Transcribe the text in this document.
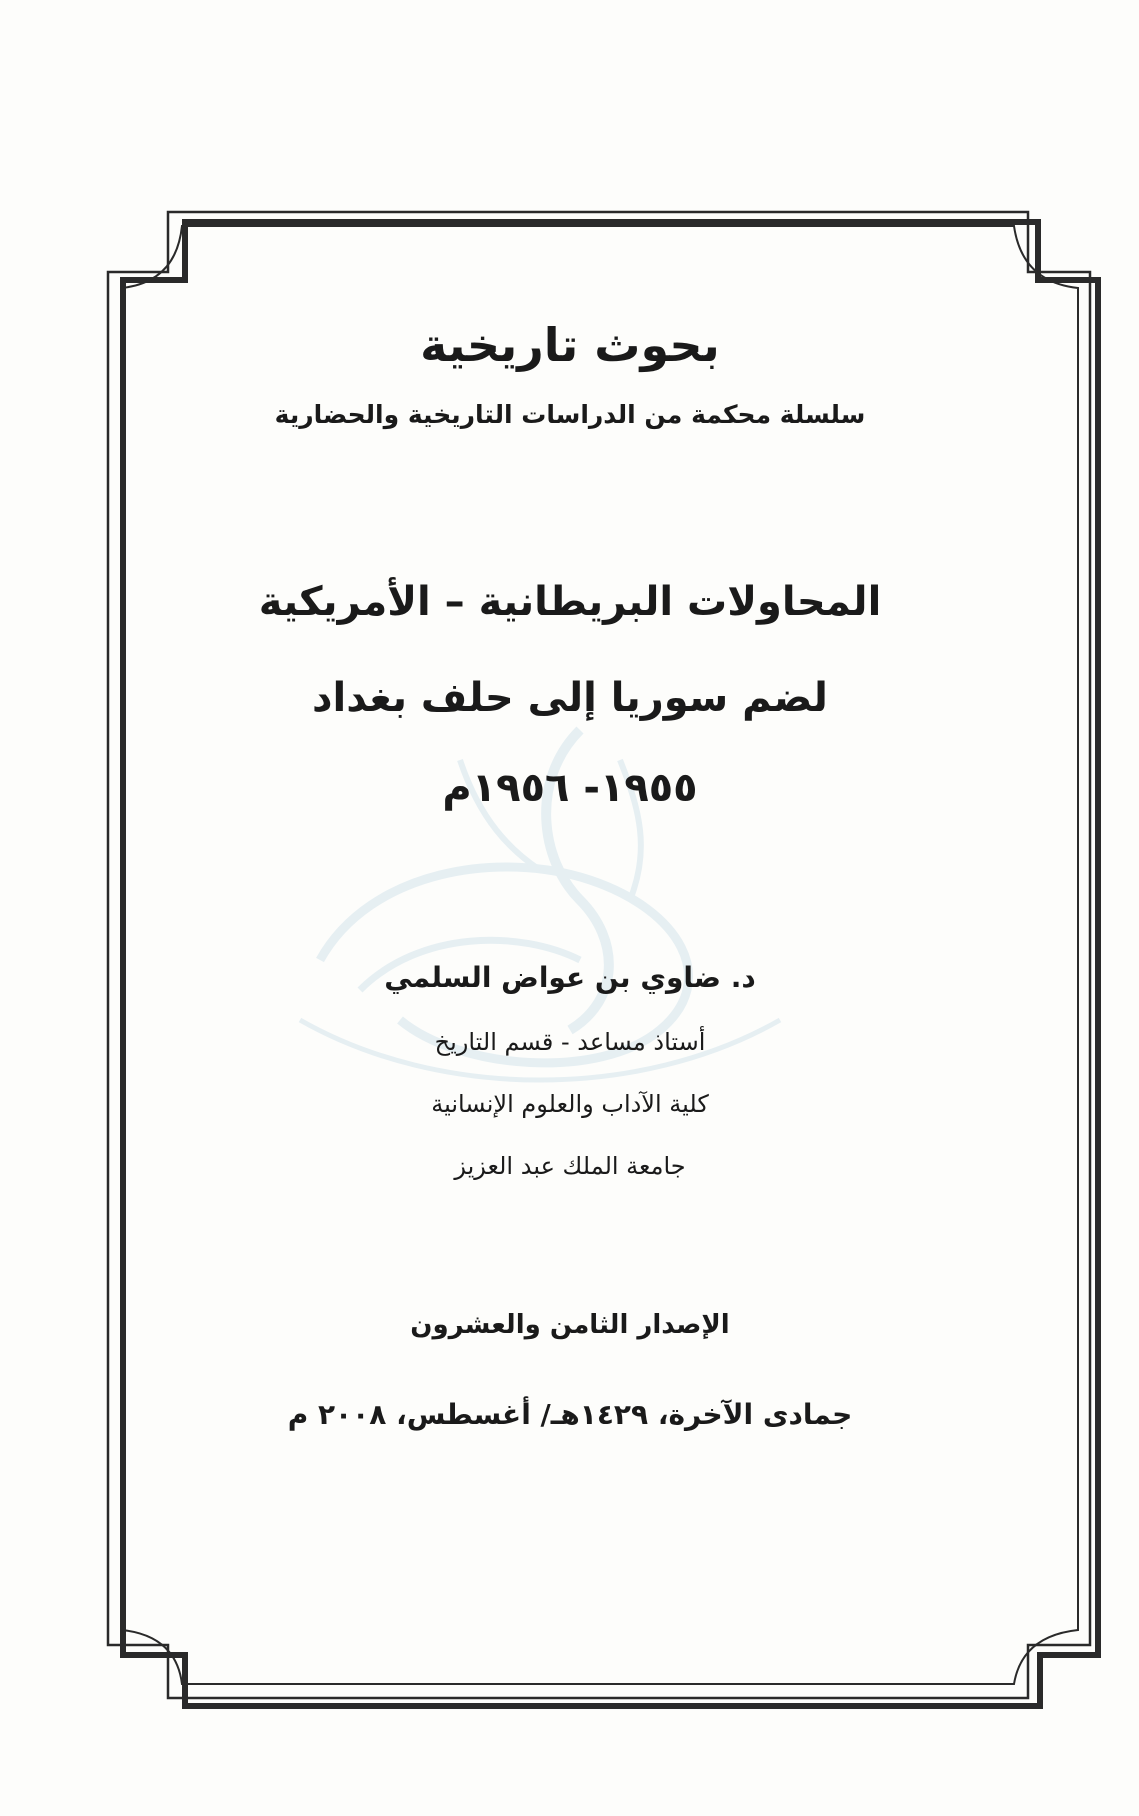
بحوث تاريخية
سلسلة محكمة من الدراسات التاريخية والحضارية
المحاولات البريطانية – الأمريكية
لضم سوريا إلى حلف بغداد
١٩٥٥- ١٩٥٦م
د. ضاوي بن عواض السلمي
أستاذ مساعد - قسم التاريخ
كلية الآداب والعلوم الإنسانية
جامعة الملك عبد العزيز
الإصدار الثامن والعشرون
جمادى الآخرة، ١٤٢٩هـ/ أغسطس، ٢٠٠٨ م
